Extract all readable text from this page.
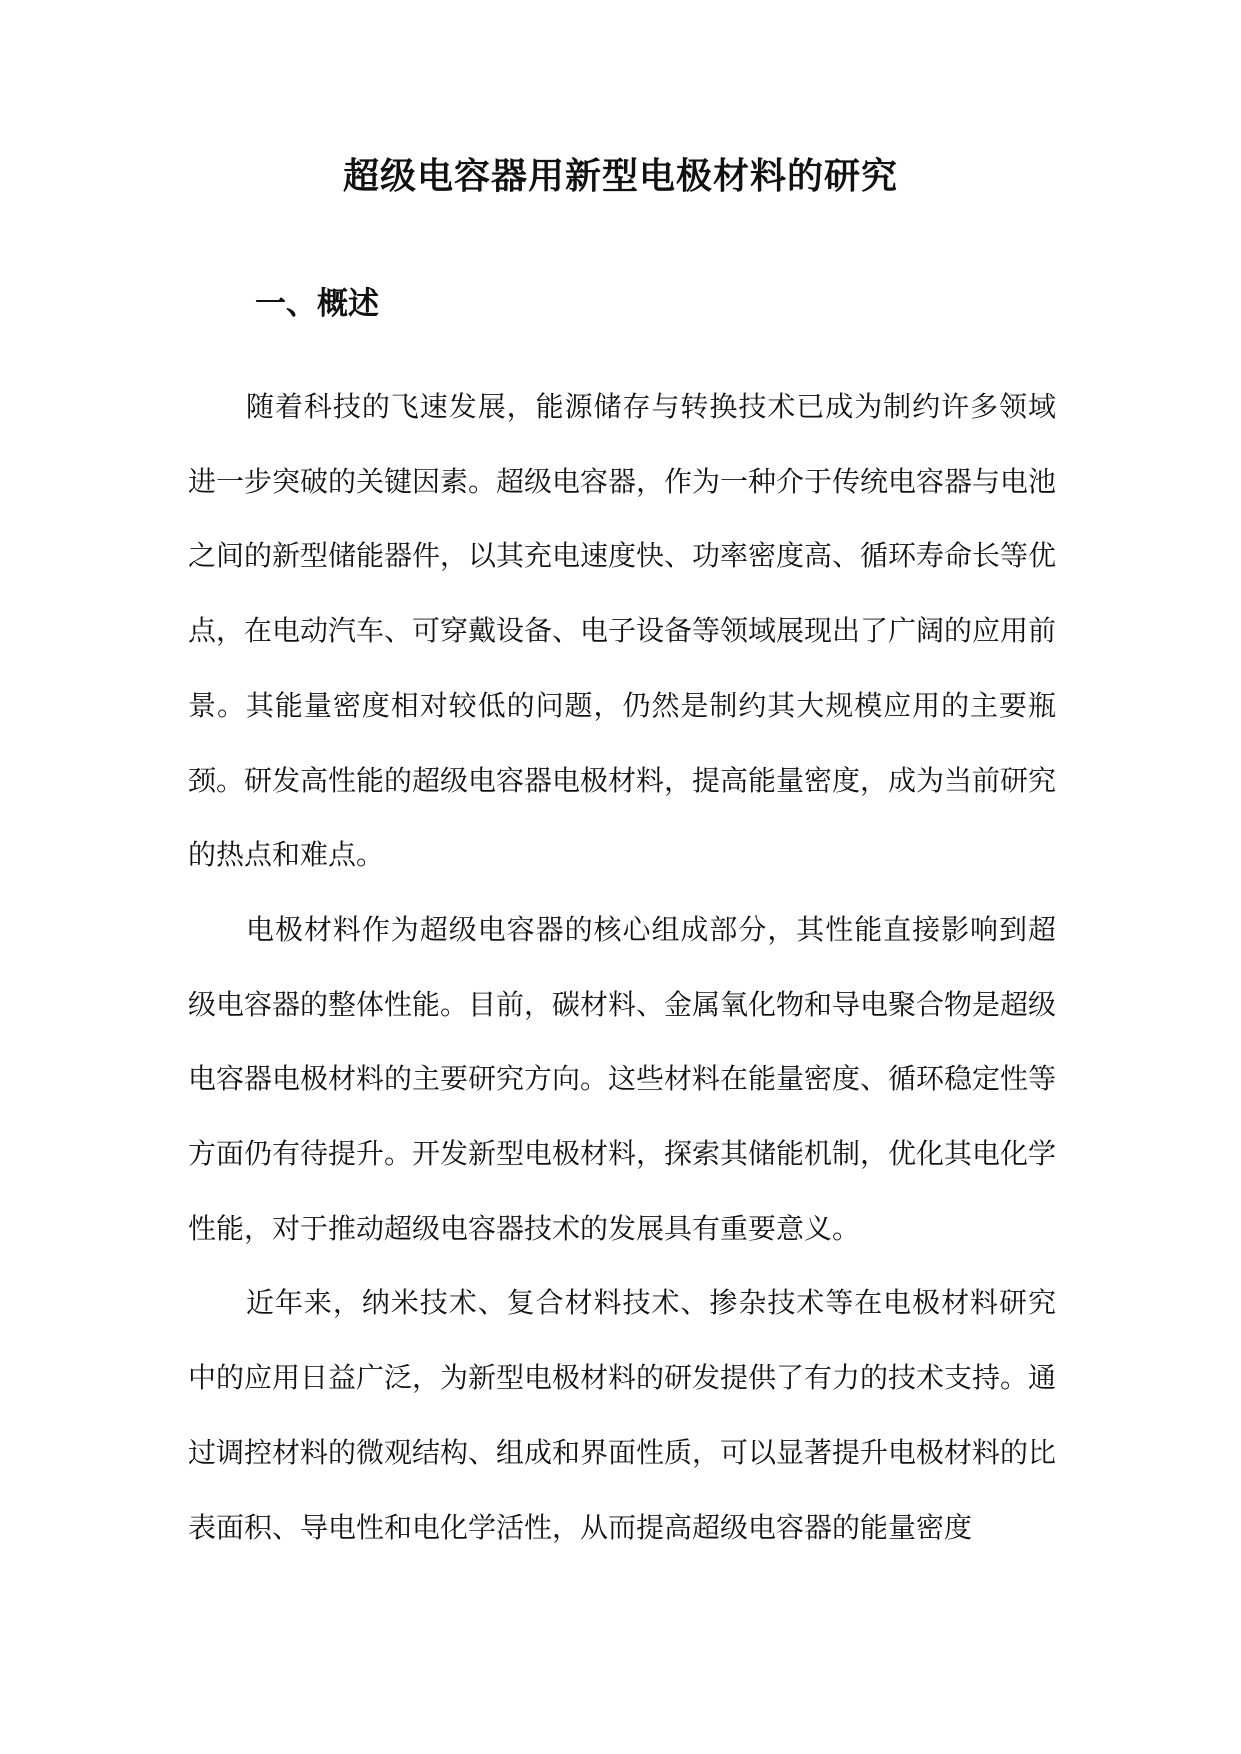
超级电容器用新型电极材料的研究
一、概述

随着科技的飞速发展，能源储存与转换技术已成为制约许多领域进一步突破的关键因素。超级电容器，作为一种介于传统电容器与电池之间的新型储能器件，以其充电速度快、功率密度高、循环寿命长等优点，在电动汽车、可穿戴设备、电子设备等领域展现出了广阔的应用前景。其能量密度相对较低的问题，仍然是制约其大规模应用的主要瓶颈。研发高性能的超级电容器电极材料，提高能量密度，成为当前研究的热点和难点。

电极材料作为超级电容器的核心组成部分，其性能直接影响到超级电容器的整体性能。目前，碳材料、金属氧化物和导电聚合物是超级电容器电极材料的主要研究方向。这些材料在能量密度、循环稳定性等方面仍有待提升。开发新型电极材料，探索其储能机制，优化其电化学性能，对于推动超级电容器技术的发展具有重要意义。

近年来，纳米技术、复合材料技术、掺杂技术等在电极材料研究中的应用日益广泛，为新型电极材料的研发提供了有力的技术支持。通过调控材料的微观结构、组成和界面性质，可以显著提升电极材料的比表面积、导电性和电化学活性，从而提高超级电容器的能量密度
